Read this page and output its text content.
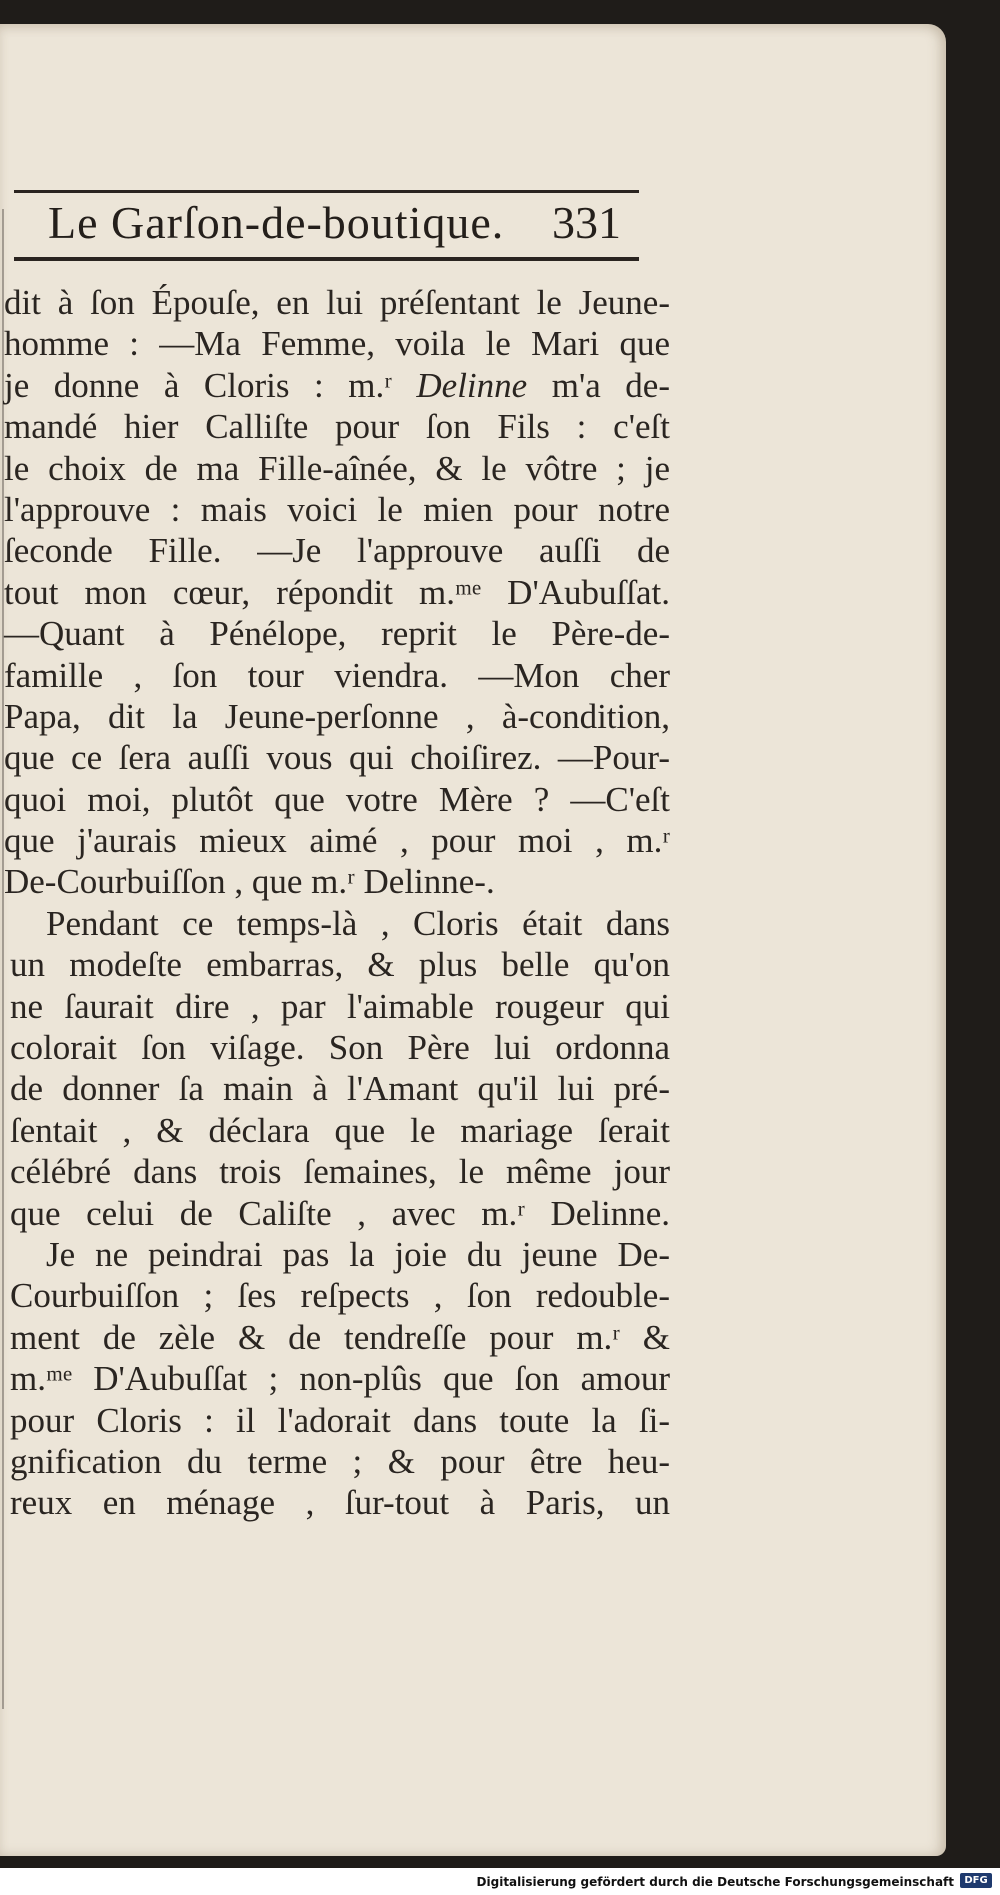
Le Garſon-de-boutique. 331
dit à ſon Épouſe, en lui préſentant le Jeune-
homme : —Ma Femme, voila le Mari que
je donne à Cloris : m.ʳ Delinne m'a de-
mandé hier Calliſte pour ſon Fils : c'eſt
le choix de ma Fille-aînée, & le vôtre ; je
l'approuve : mais voici le mien pour notre
ſeconde Fille. —Je l'approuve auſſi de
tout mon cœur, répondit m.ᵐᵉ D'Aubuſſat.
—Quant à Pénélope, reprit le Père-de-
famille , ſon tour viendra. —Mon cher
Papa, dit la Jeune-perſonne , à-condition,
que ce ſera auſſi vous qui choiſirez. —Pour-
quoi moi, plutôt que votre Mère ? —C'eſt
que j'aurais mieux aimé , pour moi , m.ʳ
De-Courbuiſſon , que m.ʳ Delinne-.
Pendant ce temps-là , Cloris était dans
un modeſte embarras, & plus belle qu'on
ne ſaurait dire , par l'aimable rougeur qui
colorait ſon viſage. Son Père lui ordonna
de donner ſa main à l'Amant qu'il lui pré-
ſentait , & déclara que le mariage ſerait
célébré dans trois ſemaines, le même jour
que celui de Caliſte , avec m.ʳ Delinne.
Je ne peindrai pas la joie du jeune De-
Courbuiſſon ; ſes reſpects , ſon redouble-
ment de zèle & de tendreſſe pour m.ʳ &
m.ᵐᵉ D'Aubuſſat ; non-plûs que ſon amour
pour Cloris : il l'adorait dans toute la ſi-
gnification du terme ; & pour être heu-
reux en ménage , ſur-tout à Paris, un
Digitalisierung gefördert durch die Deutsche Forschungsgemeinschaft	DFG
